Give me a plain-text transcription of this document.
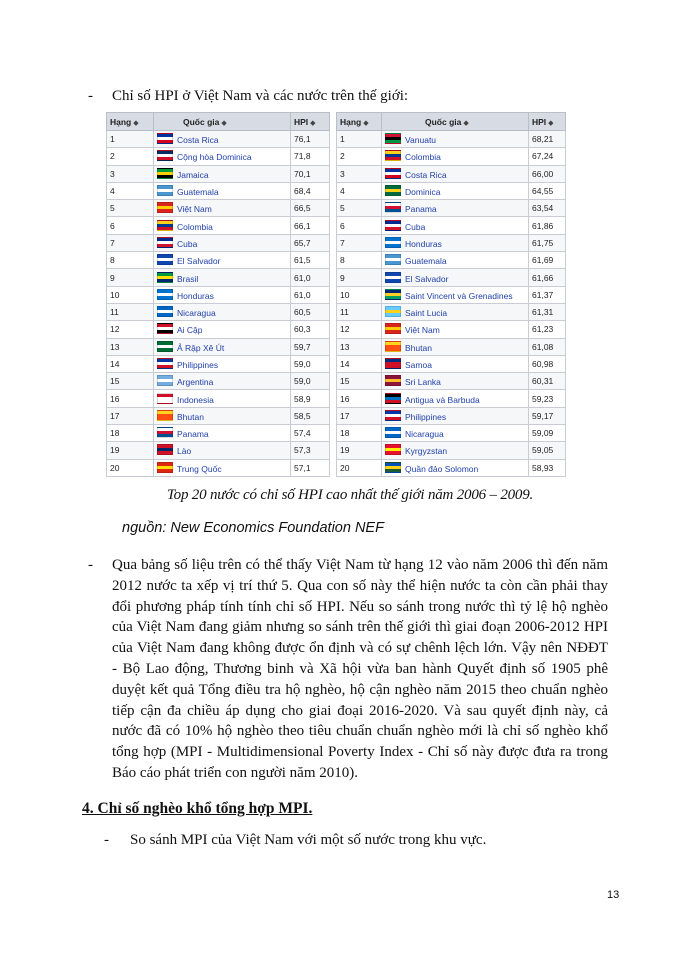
-	Chỉ số HPI ở Việt Nam và các nước trên thế giới:
Hạng ◆	Quốc gia ◆	HPI ◆
1	Costa Rica	76,1
2	Cộng hòa Dominica	71,8
3	Jamaica	70,1
4	Guatemala	68,4
5	Việt Nam	66,5
6	Colombia	66,1
7	Cuba	65,7
8	El Salvador	61,5
9	Brasil	61,0
10	Honduras	61,0
11	Nicaragua	60,5
12	Ai Cập	60,3
13	Ả Rập Xê Út	59,7
14	Philippines	59,0
15	Argentina	59,0
16	Indonesia	58,9
17	Bhutan	58,5
18	Panama	57,4
19	Lào	57,3
20	Trung Quốc	57,1
Hạng ◆	Quốc gia ◆	HPI ◆
1	Vanuatu	68,21
2	Colombia	67,24
3	Costa Rica	66,00
4	Dominica	64,55
5	Panama	63,54
6	Cuba	61,86
7	Honduras	61,75
8	Guatemala	61,69
9	El Salvador	61,66
10	Saint Vincent và Grenadines	61,37
11	Saint Lucia	61,31
12	Việt Nam	61,23
13	Bhutan	61,08
14	Samoa	60,98
15	Sri Lanka	60,31
16	Antigua và Barbuda	59,23
17	Philippines	59,17
18	Nicaragua	59,09
19	Kyrgyzstan	59,05
20	Quần đảo Solomon	58,93
Top 20 nước có chỉ số HPI cao nhất thế giới năm 2006 – 2009.
nguồn: New Economics Foundation NEF
-	Qua bảng số liệu trên có thể thấy Việt Nam từ hạng 12 vào năm 2006 thì đến năm 2012 nước ta xếp vị trí thứ 5. Qua con số này thể hiện nước ta còn cần phải thay đổi phương pháp tính tính chỉ số HPI. Nếu so sánh trong nước thì tỷ lệ hộ nghèo của Việt Nam đang giảm nhưng so sánh trên thế giới thì giai đoạn 2006-2012 HPI của Việt Nam đang không được ổn định và có sự chênh lệch lớn. Vậy nên NĐĐT - Bộ Lao động, Thương binh và Xã hội vừa ban hành Quyết định số 1905 phê duyệt kết quả Tổng điều tra hộ nghèo, hộ cận nghèo năm 2015 theo chuẩn nghèo tiếp cận đa chiều áp dụng cho giai đoại 2016-2020. Và sau quyết định này, cả nước đã có 10% hộ nghèo theo tiêu chuẩn chuẩn nghèo mới là chỉ số nghèo khổ tổng hợp (MPI - Multidimensional Poverty Index - Chỉ số này được đưa ra trong Báo cáo phát triển con người năm 2010).
4. Chỉ số nghèo khổ tổng hợp MPI.
-	So sánh MPI của Việt Nam với một số nước trong khu vực.
13
